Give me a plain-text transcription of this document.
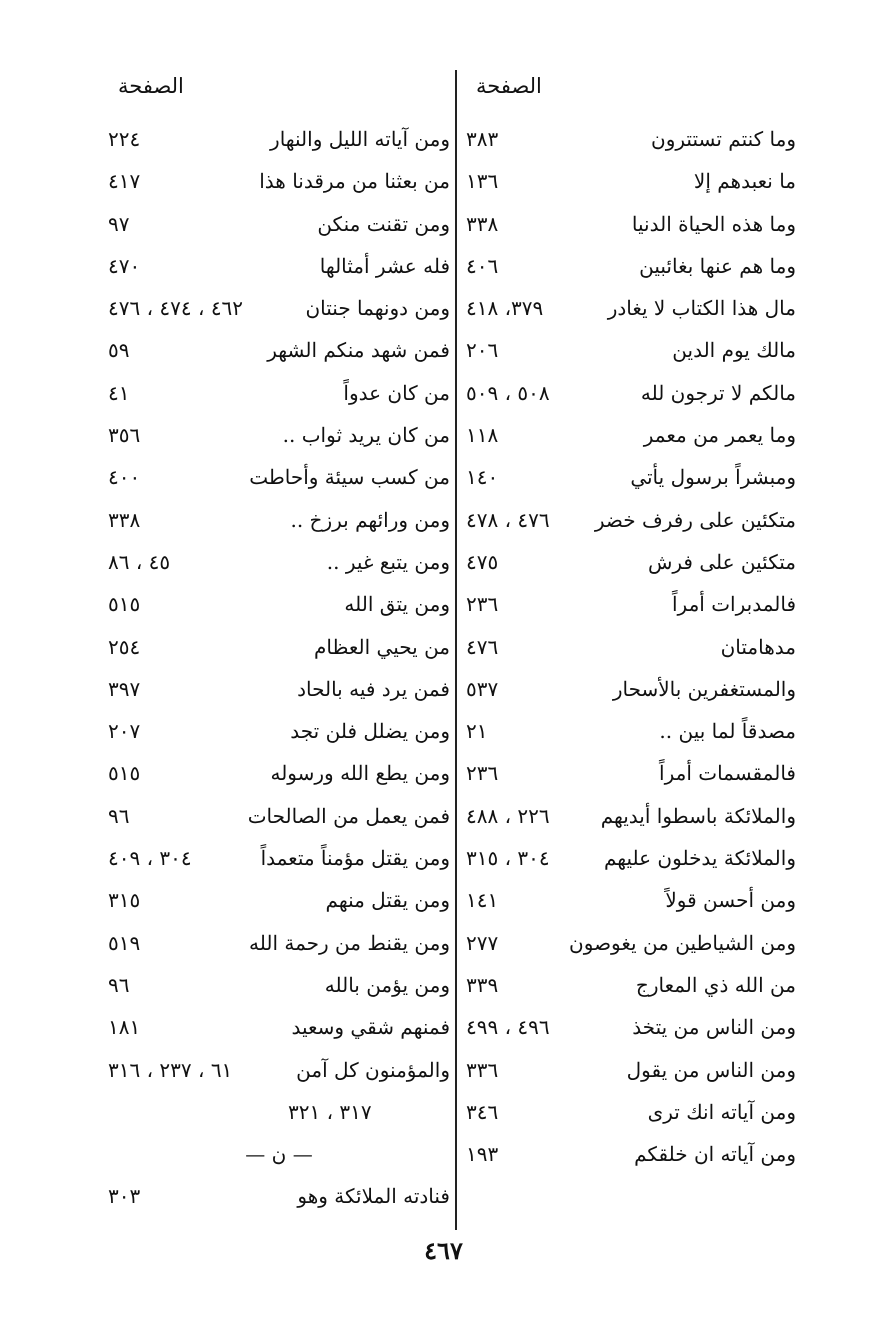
الصفحة
الصفحة
وما كنتم تستترون
٣٨٣
ما نعبدهم إلا
١٣٦
وما هذه الحياة الدنيا
٣٣٨
وما هم عنها بغائبين
٤٠٦
مال هذا الكتاب لا يغادر
٣٧٩، ٤١٨
مالك يوم الدين
٢٠٦
مالكم لا ترجون لله
٥٠٨ ، ٥٠٩
وما يعمر من معمر
١١٨
ومبشراً برسول يأتي
١٤٠
متكئين على رفرف خضر
٤٧٦ ، ٤٧٨
متكئين على فرش
٤٧٥
فالمدبرات أمراً
٢٣٦
مدهامتان
٤٧٦
والمستغفرين بالأسحار
٥٣٧
مصدقاً لما بين ..
٢١
فالمقسمات أمراً
٢٣٦
والملائكة باسطوا أيديهم
٢٢٦ ، ٤٨٨
والملائكة يدخلون عليهم
٣٠٤ ، ٣١٥
ومن أحسن قولاً
١٤١
ومن الشياطين من يغوصون
٢٧٧
من الله ذي المعارج
٣٣٩
ومن الناس من يتخذ
٤٩٦ ، ٤٩٩
ومن الناس من يقول
٣٣٦
ومن آياته انك ترى
٣٤٦
ومن آياته ان خلقكم
١٩٣
ومن آياته الليل والنهار
٢٢٤
من بعثنا من مرقدنا هذا
٤١٧
ومن تقنت منكن
٩٧
فله عشر أمثالها
٤٧٠
ومن دونهما جنتان
٤٦٢ ، ٤٧٤ ، ٤٧٦
فمن شهد منكم الشهر
٥٩
من كان عدواً
٤١
من كان يريد ثواب ..
٣٥٦
من كسب سيئة وأحاطت
٤٠٠
ومن ورائهم برزخ ..
٣٣٨
ومن يتبع غير ..
٤٥ ، ٨٦
ومن يتق الله
٥١٥
من يحيي العظام
٢٥٤
فمن يرد فيه بالحاد
٣٩٧
ومن يضلل فلن تجد
٢٠٧
ومن يطع الله ورسوله
٥١٥
فمن يعمل من الصالحات
٩٦
ومن يقتل مؤمناً متعمداً
٣٠٤ ، ٤٠٩
ومن يقتل منهم
٣١٥
ومن يقنط من رحمة الله
٥١٩
ومن يؤمن بالله
٩٦
فمنهم شقي وسعيد
١٨١
والمؤمنون كل آمن
٦١ ، ٢٣٧ ، ٣١٦
٣١٧ ، ٣٢١
— ن —
فنادته الملائكة وهو
٣٠٣
٤٦٧
